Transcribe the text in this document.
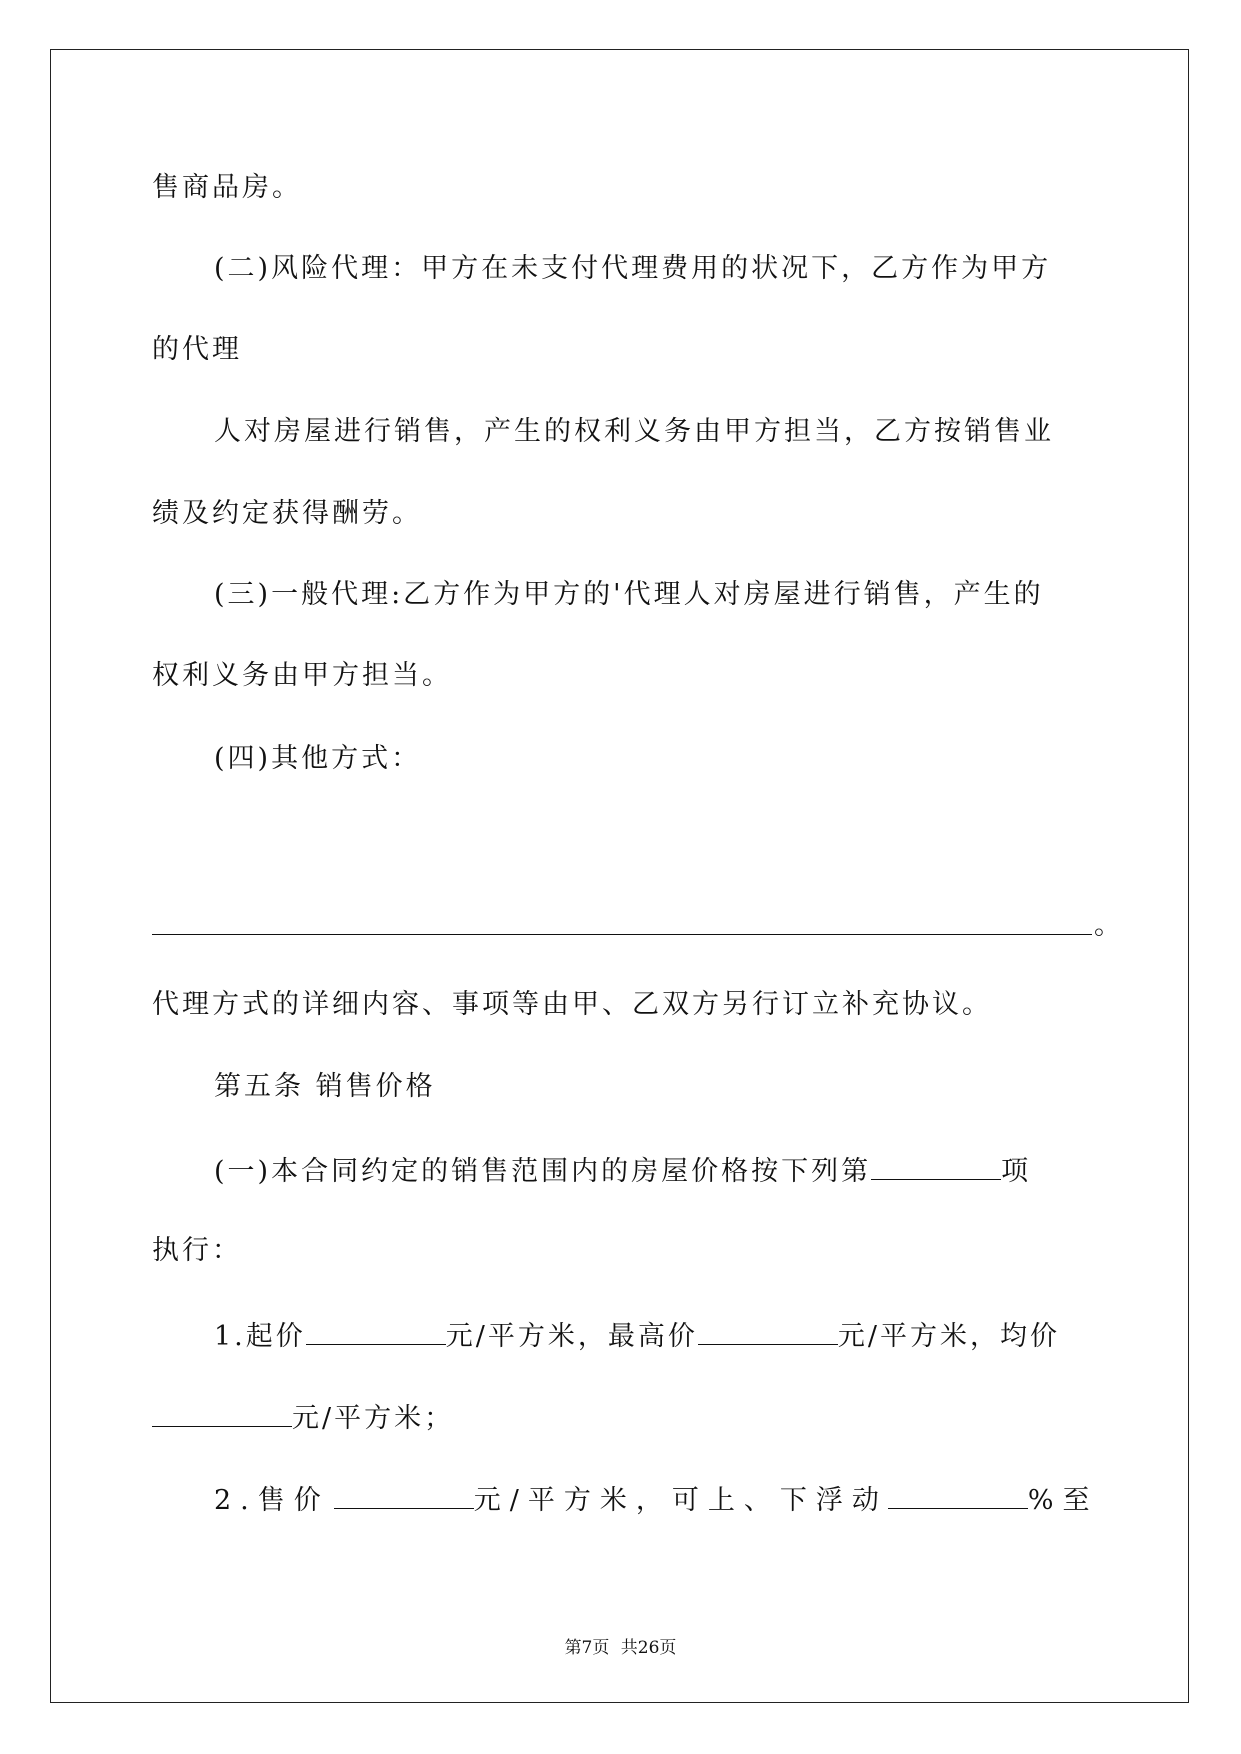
售商品房。
(二)风险代理：甲方在未支付代理费用的状况下，乙方作为甲方
的代理
人对房屋进行销售，产生的权利义务由甲方担当，乙方按销售业
绩及约定获得酬劳。
(三)一般代理:乙方作为甲方的'代理人对房屋进行销售，产生的
权利义务由甲方担当。
(四)其他方式：
。
代理方式的详细内容、事项等由甲、乙双方另行订立补充协议。
第五条 销售价格
(一)本合同约定的销售范围内的房屋价格按下列第	项
执行：
1.起价	元/平方米，最高价	元/平方米，均价
元/平方米；
2.售价	元/平方米，可上、下浮动	%至
第7页 共26页
